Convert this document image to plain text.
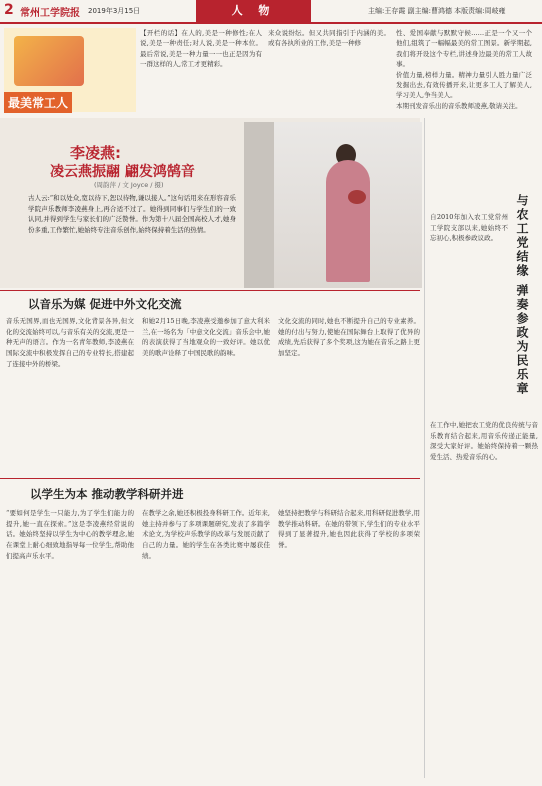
2 常州工学院报 2019年3月15日	人 物	主编:王存霞 副主编:曹鸿德 本版责编:周岐雍
最美常工人
【开栏的话】在人的,美是一种修性;在人说,美是一种责任;对人说,美是一种本位。最后常说,美是一种力量一一也正是因为有一群这样的人,常工才更精彩。
来众说纷纭。但又共同指引于内涵的美。或有各执所业的工作,美是一种修
性、爱国奉献与默默守候……正是一个又一个他们,组筑了一幅幅最美的常工图景。新学期起,我们将开设这个专栏,讲述身边最美的常工人故事。
价值力量,榜样力量。精神力量引人胜力量广泛发掘出去,有效传播开来,让更多工人了解美人,学习美人,争当美人。
本期刊发音乐出的音乐教师凌燕,敬请关注。
李凌燕:
凌云燕振翮 翩发鸿鹄音
(周韵萍 / 文 Joyce / 摄)
古人云:“和以处众,宽以待下,恕以待物,谦以接人。”这句话用来在形容音乐学院声乐教师李凌燕身上,再合适不过了。她得到同事们与学生们的一致认同,并得到学生与家长们的广泛赞誉。作为第十八届全国高校人才,她身份多重,工作繁忙,她始终专注音乐创作,始终保持着生活的热情。
以音乐为媒 促进中外文化交流
音乐无国界,而也无国界,文化背景各异,但文化的交流始终可以,与音乐有关的交流,更是一种无声的语言。作为一名青年教师,李凌燕在国际交流中积极发挥自己的专业特长,搭建起了连接中外的桥梁。
和她2月15日晚,李凌燕受邀参加了意大利米兰,在一场名为「中意文化交流」音乐会中,她的表演获得了当地观众的一致好评。她以优美的歌声诠释了中国民歌的韵味。
文化交流的同时,她也不断提升自己的专业素养。她的付出与努力,使她在国际舞台上取得了优异的成绩,先后获得了多个奖项,这为她在音乐之路上更加坚定。
以学生为本 推动教学科研并进
“要如何是学生一只能力,为了学生们能力的提升,她一直在探索。”这是李凌燕经常说的话。她始终坚持以学生为中心的教学理念,她在课堂上耐心细致地指导每一位学生,帮助他们提高声乐水平。
在教学之余,她还积极投身科研工作。近年来,她主持并参与了多项课题研究,发表了多篇学术论文,为学校声乐教学的改革与发展贡献了自己的力量。她的学生在各类比赛中屡获佳绩。
她坚持把教学与科研结合起来,用科研促进教学,用教学推动科研。在她的带领下,学生们的专业水平得到了显著提升,她也因此获得了学校的多项荣誉。
自2010年加入农工党常州工学院支部以来,她始终不忘初心,积极参政议政。	与农工党结缘 弹奏参政为民乐章
在工作中,她把农工党的优良传统与音乐教育结合起来,用音乐传递正能量,深受大家好评。她始终保持着一颗热爱生活、热爱音乐的心。
